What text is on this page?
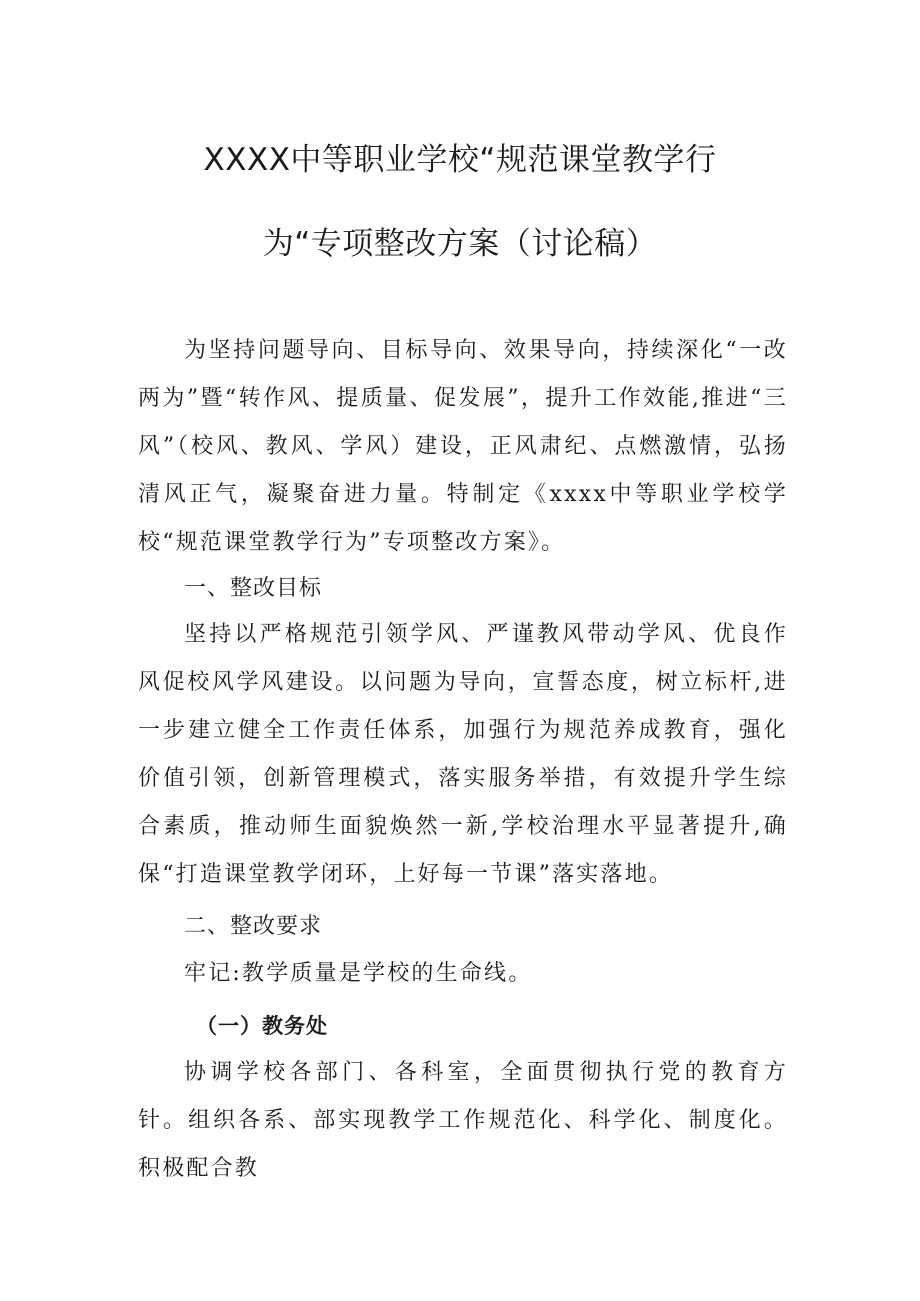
XXXX中等职业学校“规范课堂教学行
为“专项整改方案（讨论稿）

为坚持问题导向、目标导向、效果导向，持续深化“一改两为”暨“转作风、提质量、促发展”，提升工作效能,推进“三风”（校风、教风、学风）建设，正风肃纪、点燃激情，弘扬清风正气，凝聚奋进力量。特制定《xxxx中等职业学校学校“规范课堂教学行为”专项整改方案》。

一、整改目标

坚持以严格规范引领学风、严谨教风带动学风、优良作风促校风学风建设。以问题为导向，宣誓态度，树立标杆,进一步建立健全工作责任体系，加强行为规范养成教育，强化价值引领，创新管理模式，落实服务举措，有效提升学生综合素质，推动师生面貌焕然一新,学校治理水平显著提升,确保“打造课堂教学闭环，上好每一节课”落实落地。

二、整改要求

牢记:教学质量是学校的生命线。

（一）教务处

协调学校各部门、各科室，全面贯彻执行党的教育方针。组织各系、部实现教学工作规范化、科学化、制度化。积极配合教
